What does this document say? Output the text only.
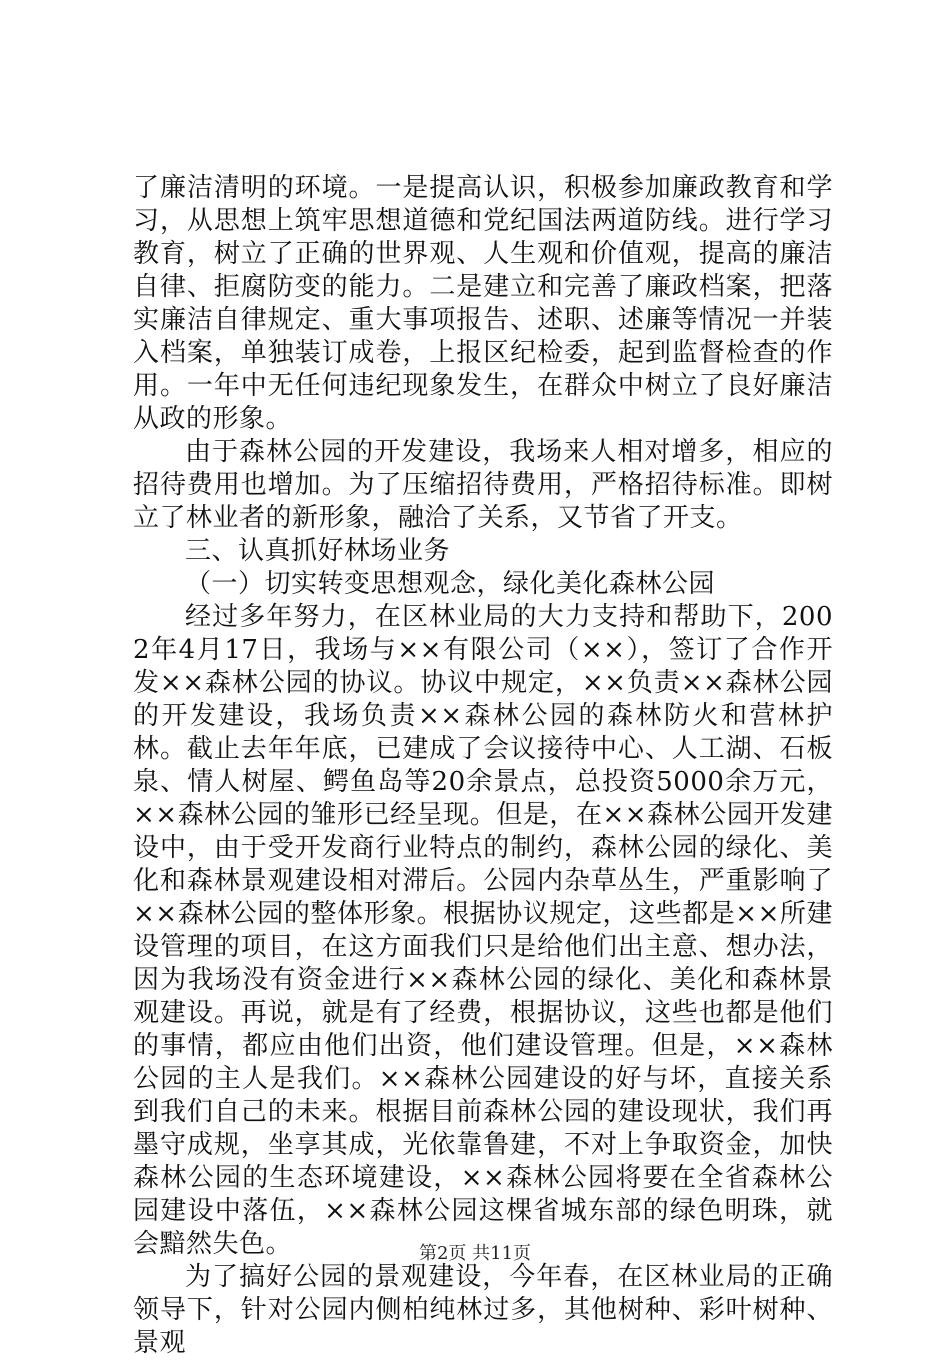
了廉洁清明的环境。一是提高认识，积极参加廉政教育和学习，从思想上筑牢思想道德和党纪国法两道防线。进行学习教育，树立了正确的世界观、人生观和价值观，提高的廉洁自律、拒腐防变的能力。二是建立和完善了廉政档案，把落实廉洁自律规定、重大事项报告、述职、述廉等情况一并装入档案，单独装订成卷，上报区纪检委，起到监督检查的作用。一年中无任何违纪现象发生，在群众中树立了良好廉洁从政的形象。

由于森林公园的开发建设，我场来人相对增多，相应的招待费用也增加。为了压缩招待费用，严格招待标准。即树立了林业者的新形象，融洽了关系，又节省了开支。

三、认真抓好林场业务

（一）切实转变思想观念，绿化美化森林公园

经过多年努力，在区林业局的大力支持和帮助下，2002年4月17日，我场与××有限公司（××），签订了合作开发××森林公园的协议。协议中规定，××负责××森林公园的开发建设，我场负责××森林公园的森林防火和营林护林。截止去年年底，已建成了会议接待中心、人工湖、石板泉、情人树屋、鳄鱼岛等20余景点，总投资5000余万元，××森林公园的雏形已经呈现。但是，在××森林公园开发建设中，由于受开发商行业特点的制约，森林公园的绿化、美化和森林景观建设相对滞后。公园内杂草丛生，严重影响了××森林公园的整体形象。根据协议规定，这些都是××所建设管理的项目，在这方面我们只是给他们出主意、想办法，因为我场没有资金进行××森林公园的绿化、美化和森林景观建设。再说，就是有了经费，根据协议，这些也都是他们的事情，都应由他们出资，他们建设管理。但是，××森林公园的主人是我们。××森林公园建设的好与坏，直接关系到我们自己的未来。根据目前森林公园的建设现状，我们再墨守成规，坐享其成，光依靠鲁建，不对上争取资金，加快森林公园的生态环境建设，××森林公园将要在全省森林公园建设中落伍，××森林公园这棵省城东部的绿色明珠，就会黯然失色。

为了搞好公园的景观建设，今年春，在区林业局的正确领导下，针对公园内侧柏纯林过多，其他树种、彩叶树种、景观

第2页 共11页
